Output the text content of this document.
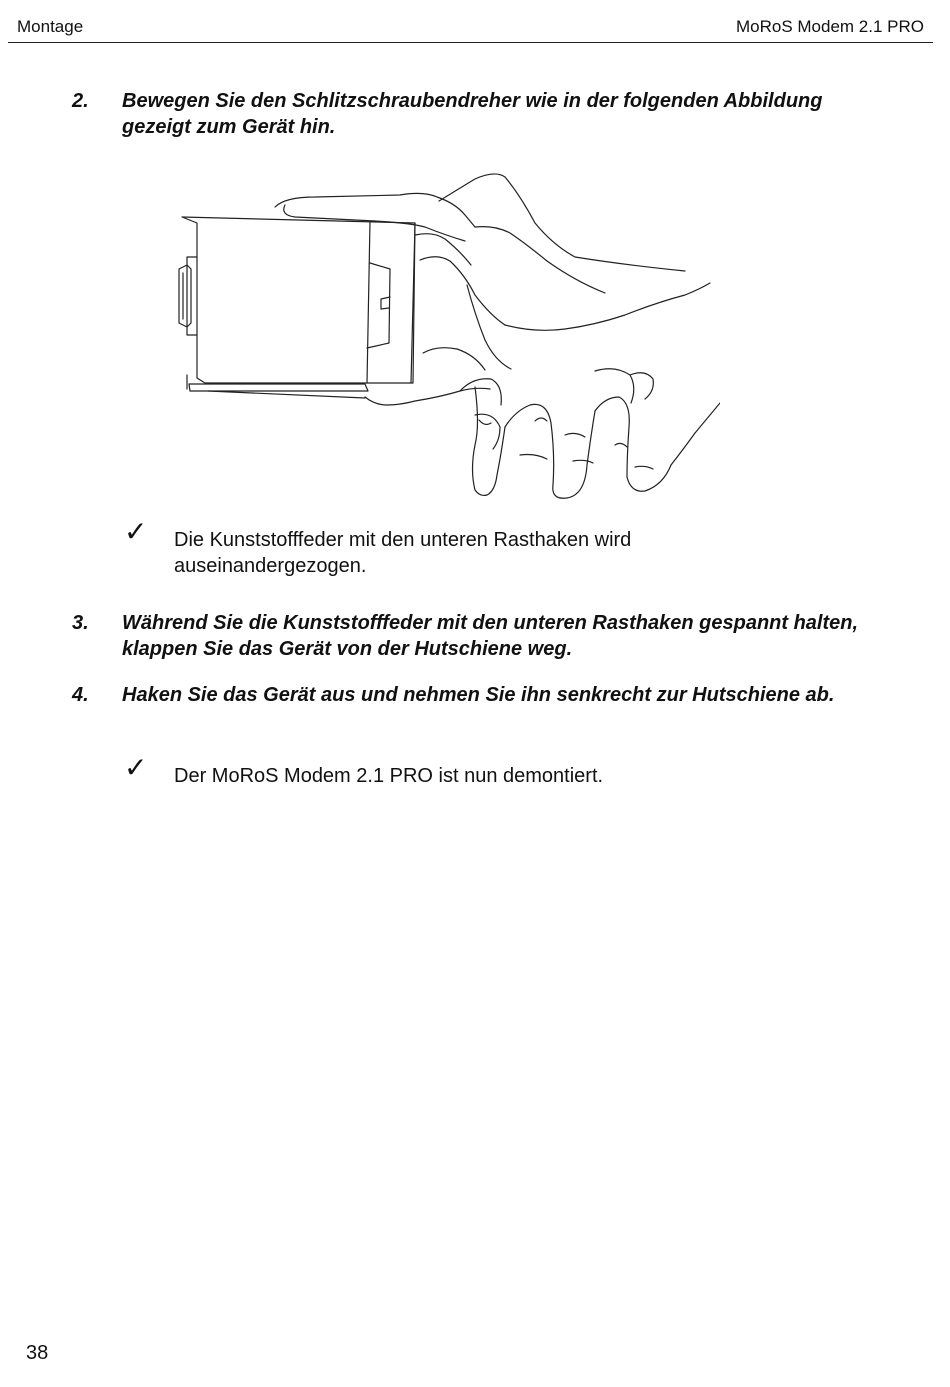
Montage	MoRoS Modem 2.1 PRO
2. Bewegen Sie den Schlitzschraubendreher wie in der folgenden Abbildung gezeigt zum Gerät hin.
✓ Die Kunststofffeder mit den unteren Rasthaken wird auseinandergezogen.
3. Während Sie die Kunststofffeder mit den unteren Rasthaken gespannt halten, klappen Sie das Gerät von der Hutschiene weg.
4. Haken Sie das Gerät aus und nehmen Sie ihn senkrecht zur Hutschiene ab.
✓ Der MoRoS Modem 2.1 PRO ist nun demontiert.
38
